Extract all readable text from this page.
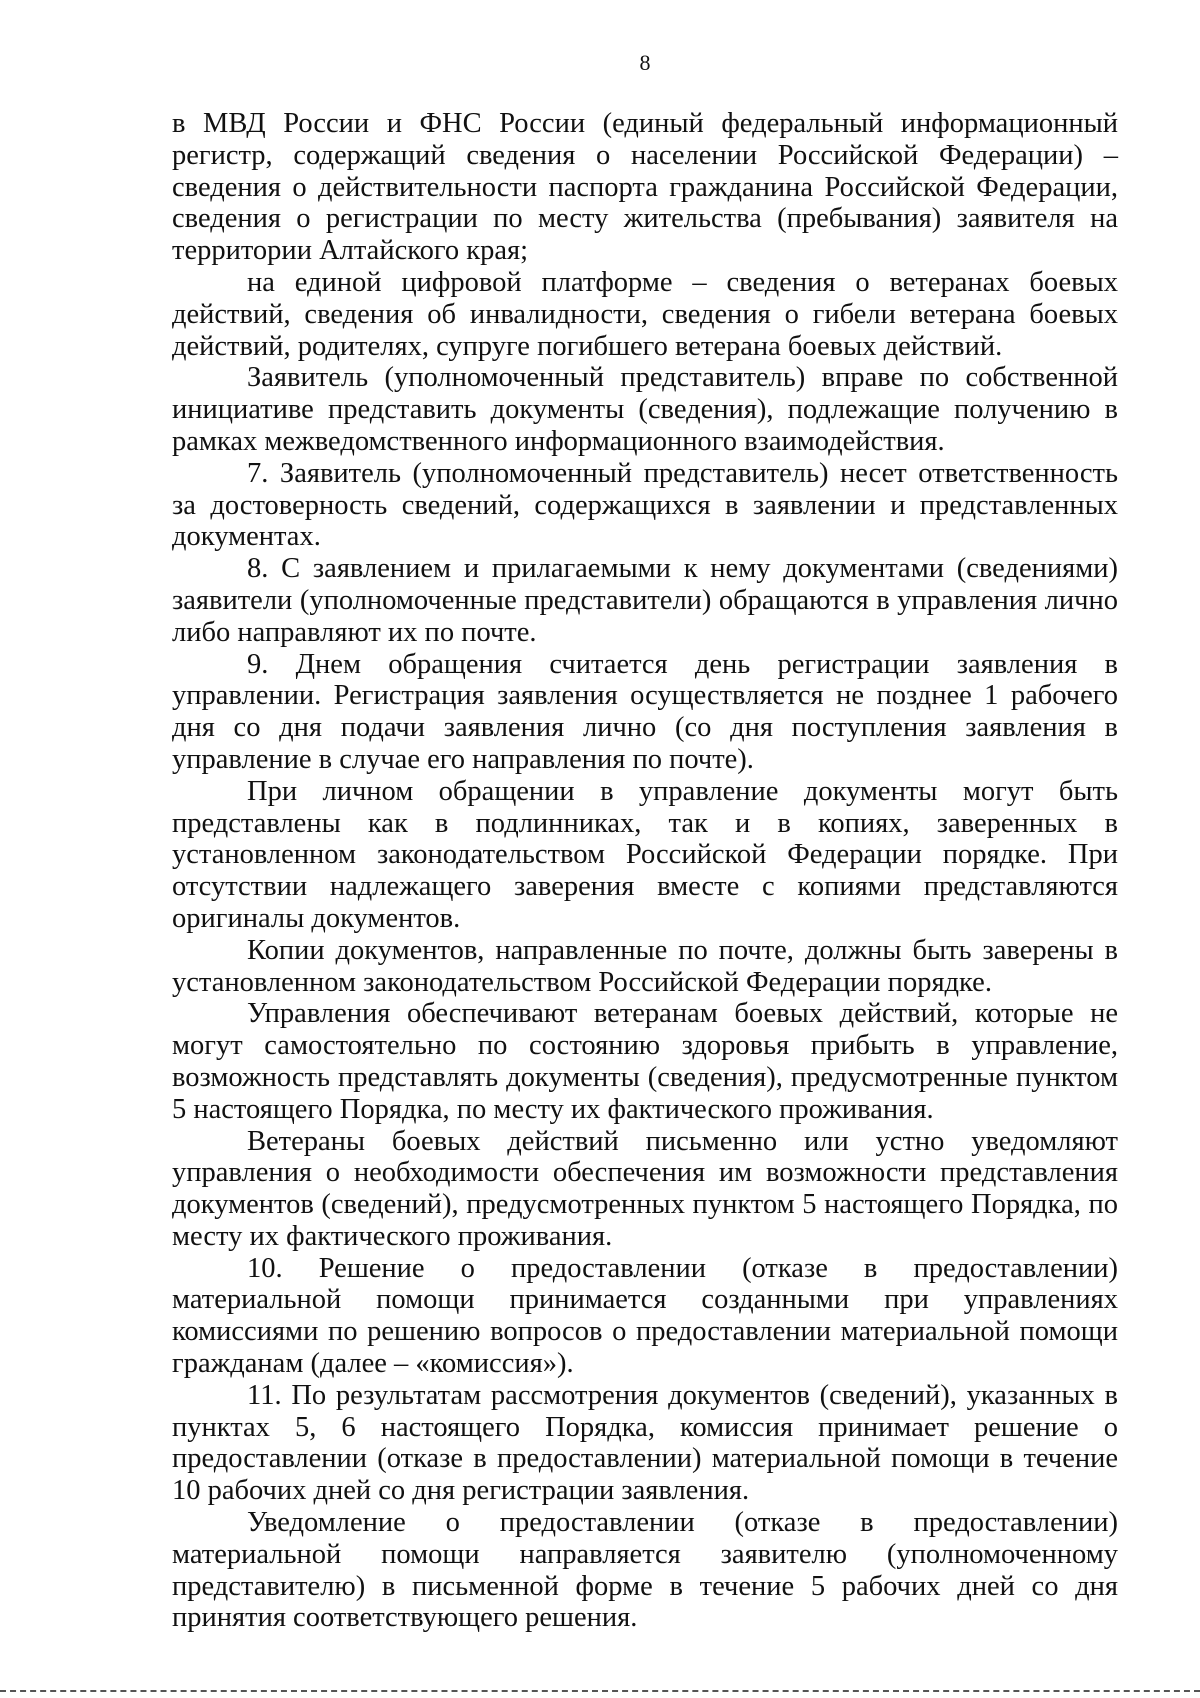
8

в МВД России и ФНС России (единый федеральный информационный регистр, содержащий сведения о населении Российской Федерации) – сведения о действительности паспорта гражданина Российской Федерации, сведения о регистрации по месту жительства (пребывания) заявителя на территории Алтайского края;

на единой цифровой платформе – сведения о ветеранах боевых действий, сведения об инвалидности, сведения о гибели ветерана боевых действий, родителях, супруге погибшего ветерана боевых действий.

Заявитель (уполномоченный представитель) вправе по собственной инициативе представить документы (сведения), подлежащие получению в рамках межведомственного информационного взаимодействия.

7. Заявитель (уполномоченный представитель) несет ответственность за достоверность сведений, содержащихся в заявлении и представленных документах.

8. С заявлением и прилагаемыми к нему документами (сведениями) заявители (уполномоченные представители) обращаются в управления лично либо направляют их по почте.

9. Днем обращения считается день регистрации заявления в управлении. Регистрация заявления осуществляется не позднее 1 рабочего дня со дня подачи заявления лично (со дня поступления заявления в управление в случае его направления по почте).

При личном обращении в управление документы могут быть представлены как в подлинниках, так и в копиях, заверенных в установленном законодательством Российской Федерации порядке. При отсутствии надлежащего заверения вместе с копиями представляются оригиналы документов.

Копии документов, направленные по почте, должны быть заверены в установленном законодательством Российской Федерации порядке.

Управления обеспечивают ветеранам боевых действий, которые не могут самостоятельно по состоянию здоровья прибыть в управление, возможность представлять документы (сведения), предусмотренные пунктом 5 настоящего Порядка, по месту их фактического проживания.

Ветераны боевых действий письменно или устно уведомляют управления о необходимости обеспечения им возможности представления документов (сведений), предусмотренных пунктом 5 настоящего Порядка, по месту их фактического проживания.

10. Решение о предоставлении (отказе в предоставлении) материальной помощи принимается созданными при управлениях комиссиями по решению вопросов о предоставлении материальной помощи гражданам (далее – «комиссия»).

11. По результатам рассмотрения документов (сведений), указанных в пунктах 5, 6 настоящего Порядка, комиссия принимает решение о предоставлении (отказе в предоставлении) материальной помощи в течение 10 рабочих дней со дня регистрации заявления.

Уведомление о предоставлении (отказе в предоставлении) материальной помощи направляется заявителю (уполномоченному представителю) в письменной форме в течение 5 рабочих дней со дня принятия соответствующего решения.
